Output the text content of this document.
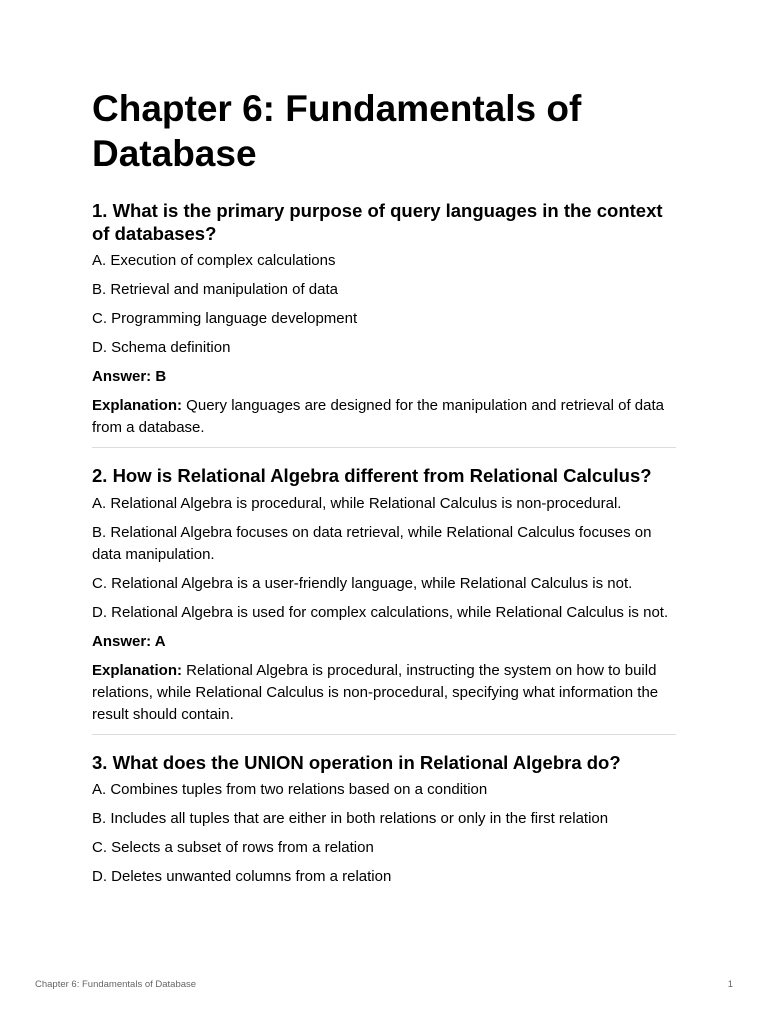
Chapter 6: Fundamentals of Database
1. What is the primary purpose of query languages in the context of databases?
A. Execution of complex calculations
B. Retrieval and manipulation of data
C. Programming language development
D. Schema definition
Answer: B
Explanation: Query languages are designed for the manipulation and retrieval of data from a database.
2. How is Relational Algebra different from Relational Calculus?
A. Relational Algebra is procedural, while Relational Calculus is non-procedural.
B. Relational Algebra focuses on data retrieval, while Relational Calculus focuses on data manipulation.
C. Relational Algebra is a user-friendly language, while Relational Calculus is not.
D. Relational Algebra is used for complex calculations, while Relational Calculus is not.
Answer: A
Explanation: Relational Algebra is procedural, instructing the system on how to build relations, while Relational Calculus is non-procedural, specifying what information the result should contain.
3. What does the UNION operation in Relational Algebra do?
A. Combines tuples from two relations based on a condition
B. Includes all tuples that are either in both relations or only in the first relation
C. Selects a subset of rows from a relation
D. Deletes unwanted columns from a relation
Chapter 6: Fundamentals of Database	1
